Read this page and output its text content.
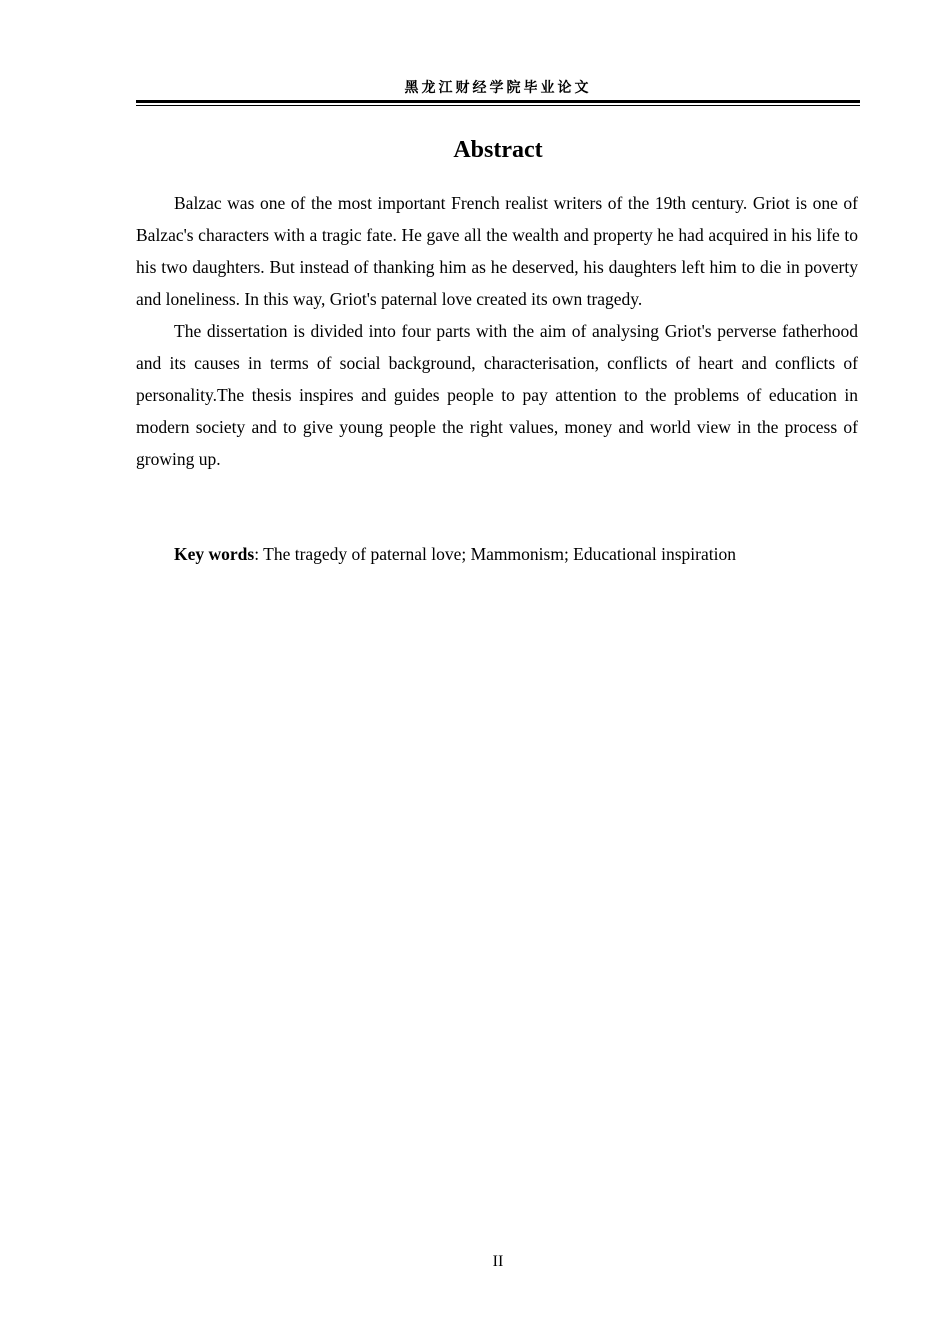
黑龙江财经学院毕业论文
Abstract

Balzac was one of the most important French realist writers of the 19th century. Griot is one of Balzac's characters with a tragic fate. He gave all the wealth and property he had acquired in his life to his two daughters. But instead of thanking him as he deserved, his daughters left him to die in poverty and loneliness. In this way, Griot's paternal love created its own tragedy.

The dissertation is divided into four parts with the aim of analysing Griot's perverse fatherhood and its causes in terms of social background, characterisation, conflicts of heart and conflicts of personality.The thesis inspires and guides people to pay attention to the problems of education in modern society and to give young people the right values, money and world view in the process of growing up.

Key words: The tragedy of paternal love; Mammonism; Educational inspiration

II
